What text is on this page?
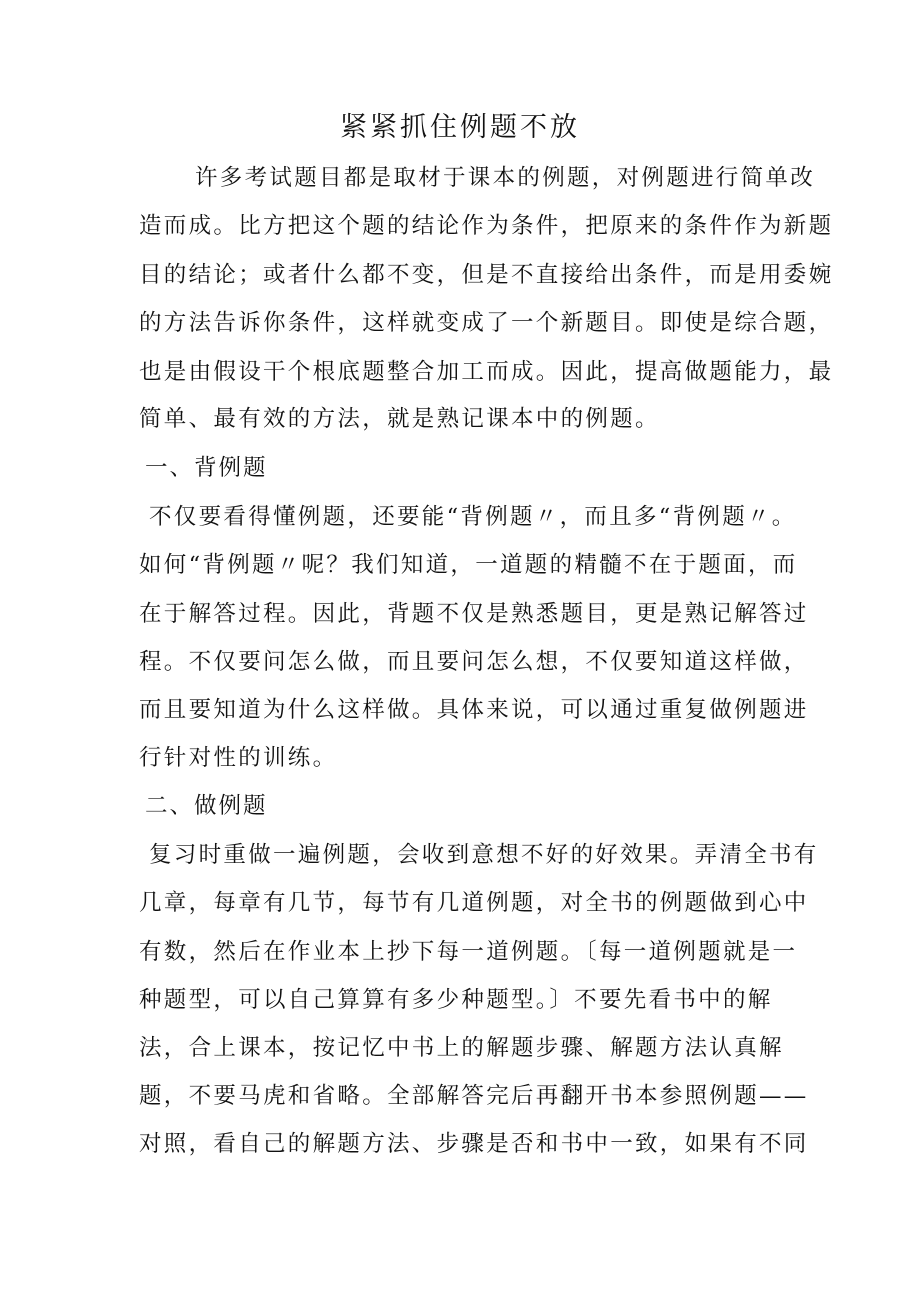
紧紧抓住例题不放
许多考试题目都是取材于课本的例题，对例题进行简单改
造而成。比方把这个题的结论作为条件，把原来的条件作为新题
目的结论；或者什么都不变，但是不直接给出条件，而是用委婉
的方法告诉你条件，这样就变成了一个新题目。即使是综合题，
也是由假设干个根底题整合加工而成。因此，提高做题能力，最
简单、最有效的方法，就是熟记课本中的例题。
一、背例题
不仅要看得懂例题，还要能“背例题〃，而且多“背例题〃。
如何“背例题〃呢？我们知道，一道题的精髓不在于题面，而
在于解答过程。因此，背题不仅是熟悉题目，更是熟记解答过
程。不仅要问怎么做，而且要问怎么想，不仅要知道这样做，
而且要知道为什么这样做。具体来说，可以通过重复做例题进
行针对性的训练。
二、做例题
复习时重做一遍例题，会收到意想不好的好效果。弄清全书有
几章，每章有几节，每节有几道例题，对全书的例题做到心中
有数，然后在作业本上抄下每一道例题。〔每一道例题就是一
种题型，可以自己算算有多少种题型。〕不要先看书中的解
法，合上课本，按记忆中书上的解题步骤、解题方法认真解
题，不要马虎和省略。全部解答完后再翻开书本参照例题——
对照，看自己的解题方法、步骤是否和书中一致，如果有不同
